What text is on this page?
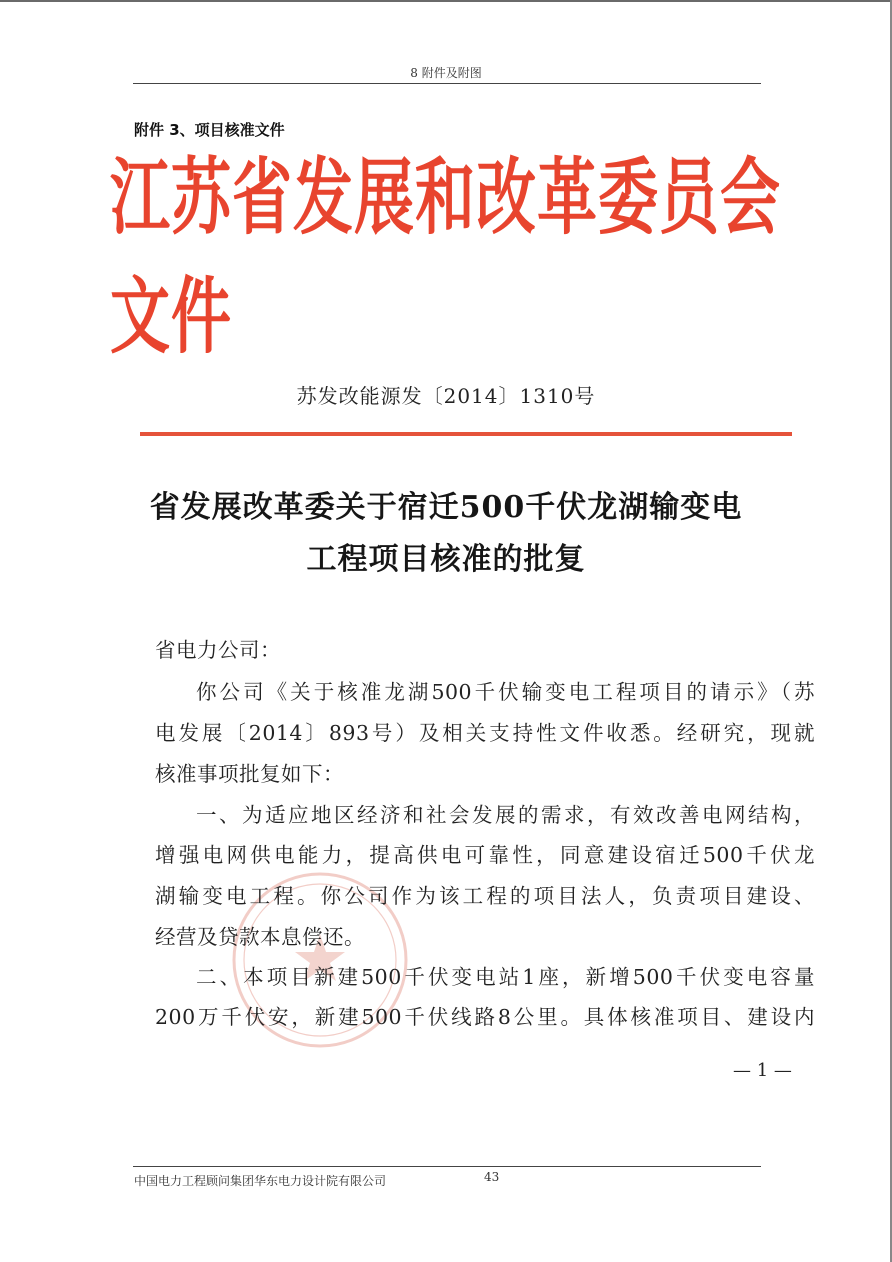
8 附件及附图
附件 3、项目核准文件
江苏省发展和改革委员会文件
苏发改能源发〔2014〕1310号
省发展改革委关于宿迁500千伏龙湖输变电
工程项目核准的批复
省电力公司：
你公司《关于核准龙湖500千伏输变电工程项目的请示》（苏
电发展〔2014〕893号）及相关支持性文件收悉。经研究，现就
核准事项批复如下：
一、为适应地区经济和社会发展的需求，有效改善电网结构，
增强电网供电能力，提高供电可靠性，同意建设宿迁500千伏龙
湖输变电工程。你公司作为该工程的项目法人，负责项目建设、
经营及贷款本息偿还。
二、本项目新建500千伏变电站1座，新增500千伏变电容量
200万千伏安，新建500千伏线路8公里。具体核准项目、建设内
— 1 —
中国电力工程顾问集团华东电力设计院有限公司	43
